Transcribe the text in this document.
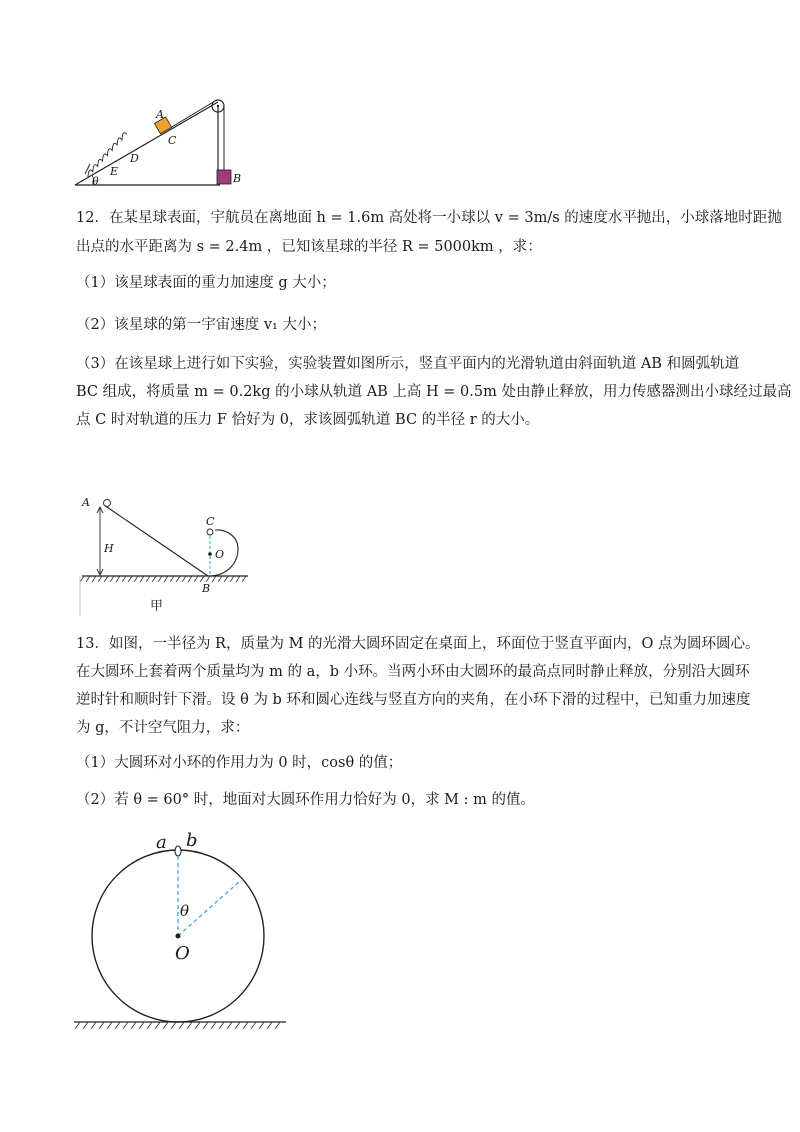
A
C
D
E
θ	B
12．在某星球表面，宇航员在离地面 h = 1.6m 高处将一小球以 v = 3m/s 的速度水平抛出，小球落地时距抛
出点的水平距离为 s = 2.4m ，已知该星球的半径 R = 5000km ，求：
（1）该星球表面的重力加速度 g 大小；
（2）该星球的第一宇宙速度 v₁ 大小；
（3）在该星球上进行如下实验，实验装置如图所示，竖直平面内的光滑轨道由斜面轨道 AB 和圆弧轨道
BC 组成，将质量 m = 0.2kg 的小球从轨道 AB 上高 H = 0.5m 处由静止释放，用力传感器测出小球经过最高
点 C 时对轨道的压力 F 恰好为 0，求该圆弧轨道 BC 的半径 r 的大小。
A
C
H	O
B
甲
13．如图，一半径为 R，质量为 M 的光滑大圆环固定在桌面上，环面位于竖直平面内，O 点为圆环圆心。
在大圆环上套着两个质量均为 m 的 a，b 小环。当两小环由大圆环的最高点同时静止释放，分别沿大圆环
逆时针和顺时针下滑。设 θ 为 b 环和圆心连线与竖直方向的夹角，在小环下滑的过程中，已知重力加速度
为 g，不计空气阻力，求：
（1）大圆环对小环的作用力为 0 时，cosθ 的值；
（2）若 θ = 60° 时，地面对大圆环作用力恰好为 0，求 M : m 的值。
a b
θ
O
